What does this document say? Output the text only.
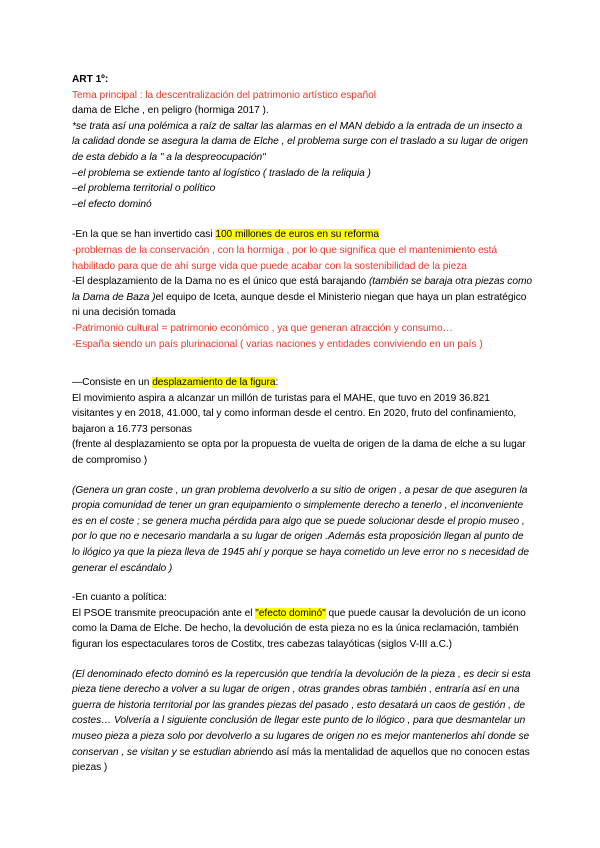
ART 1º:

Tema principal : la descentralización del patrimonio artístico español

dama de Elche , en peligro (hormiga 2017 ).

*se trata así una polémica a raíz de saltar las alarmas en el MAN debido a la entrada de un insecto a la calidad donde se asegura la dama de Elche , el problema surge con el traslado a su lugar de origen de esta debido a la " a la despreocupación"

–el problema se extiende tanto al logístico ( traslado de la reliquia )

–el problema territorial o político

–el efecto dominó

-En la que se han invertido casi 100 millones de euros en su reforma

-problemas de la conservación , con la hormiga , por lo que significa que el mantenimiento está habilitado para que de ahí surge vida que puede acabar con la sostenibilidad de la pieza

-El desplazamiento de la Dama no es el único que está barajando (también se baraja otra piezas como la Dama de Baza )el equipo de Iceta, aunque desde el Ministerio niegan que haya un plan estratégico ni una decisión tomada

-Patrimonio cultural = patrimonio económico , ya que generan atracción y consumo…

-España siendo un país plurinacional ( varias naciones y entidades conviviendo en un país )

—Consiste en un desplazamiento de la figura:

El movimiento aspira a alcanzar un millón de turistas para el MAHE, que tuvo en 2019 36.821 visitantes y en 2018, 41.000, tal y como informan desde el centro. En 2020, fruto del confinamiento, bajaron a 16.773 personas

(frente al desplazamiento se opta por la propuesta de vuelta de origen de la dama de elche a su lugar de compromiso )

(Genera un gran coste , un gran problema devolverlo a su sitio de origen , a pesar de que aseguren la propia comunidad de tener un gran equipamiento o simplemente derecho a tenerlo , el inconveniente es en el coste ; se genera mucha pérdida para algo que se puede solucionar desde el propio museo , por lo que no e necesario mandarla a su lugar de origen .Además esta proposición llegan al punto de lo ilógico ya que la pieza lleva de 1945 ahí y porque se haya cometido un leve error no s necesidad de generar el escándalo )

-En cuanto a política:

El PSOE transmite preocupación ante el "efecto dominó" que puede causar la devolución de un icono como la Dama de Elche. De hecho, la devolución de esta pieza no es la única reclamación, también figuran los espectaculares toros de Costitx, tres cabezas talayóticas (siglos V-III a.C.)

(El denominado efecto dominó es la repercusión que tendría la devolución de la pieza , es decir si esta pieza tiene derecho a volver a su lugar de origen , otras grandes obras también , entraría así en una guerra de historia territorial por las grandes piezas del pasado , esto desatará un caos de gestión , de costes… Volvería a l siguiente conclusión de llegar este punto de lo ilógico , para que desmantelar un museo pieza a pieza solo por devolverlo a su lugares de origen no es mejor mantenerlos ahí donde se conservan , se visitan y se estudian abriendo así más la mentalidad de aquellos que no conocen estas piezas )
